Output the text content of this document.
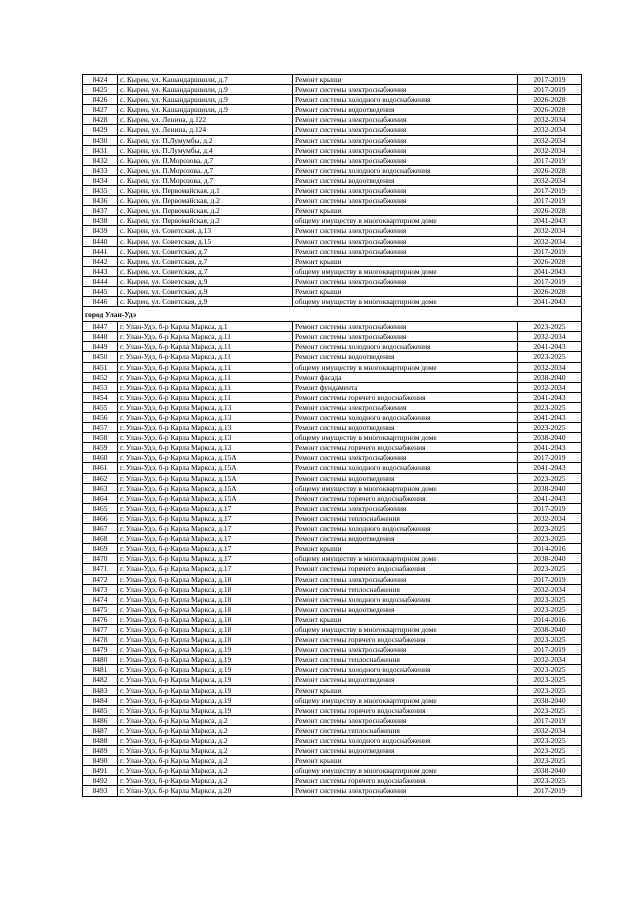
8424	с. Кырен, ул. Кашандаршвили, д.7	Ремонт крыши	2017-2019
8425	с. Кырен, ул. Кашандаршвили, д.9	Ремонт системы электроснабжения	2017-2019
8426	с. Кырен, ул. Кашандаршвили, д.9	Ремонт системы холодного водоснабжения	2026-2028
8427	с. Кырен, ул. Кашандаршвили, д.9	Ремонт системы водоотведения	2026-2028
8428	с. Кырен, ул. Ленина, д.122	Ремонт системы электроснабжения	2032-2034
8429	с. Кырен, ул. Ленина, д.124	Ремонт системы электроснабжения	2032-2034
8430	с. Кырен, ул. П.Лумумбы, д.2	Ремонт системы электроснабжения	2032-2034
8431	с. Кырен, ул. П.Лумумбы, д.4	Ремонт системы электроснабжения	2032-2034
8432	с. Кырен, ул. П.Морозова, д.7	Ремонт системы электроснабжения	2017-2019
8433	с. Кырен, ул. П.Морозова, д.7	Ремонт системы холодного водоснабжения	2026-2028
8434	с. Кырен, ул. П.Морозова, д.7	Ремонт системы водоотведения	2032-2034
8435	с. Кырен, ул. Первомайская, д.1	Ремонт системы электроснабжения	2017-2019
8436	с. Кырен, ул. Первомайская, д.2	Ремонт системы электроснабжения	2017-2019
8437	с. Кырен, ул. Первомайская, д.2	Ремонт крыши	2026-2028
8438	с. Кырен, ул. Первомайская, д.2	общему имуществу в многоквартирном доме	2041-2043
8439	с. Кырен, ул. Советская, д.13	Ремонт системы электроснабжения	2032-2034
8440	с. Кырен, ул. Советская, д.15	Ремонт системы электроснабжения	2032-2034
8441	с. Кырен, ул. Советская, д.7	Ремонт системы электроснабжения	2017-2019
8442	с. Кырен, ул. Советская, д.7	Ремонт крыши	2026-2028
8443	с. Кырен, ул. Советская, д.7	общему имуществу в многоквартирном доме	2041-2043
8444	с. Кырен, ул. Советская, д.9	Ремонт системы электроснабжения	2017-2019
8445	с. Кырен, ул. Советская, д.9	Ремонт крыши	2026-2028
8446	с. Кырен, ул. Советская, д.9	общему имуществу в многоквартирном доме	2041-2043
город Улан-Удэ			
8447	г. Улан-Удэ, б-р Карла Маркса, д.1	Ремонт системы электроснабжения	2023-2025
8448	г. Улан-Удэ, б-р Карла Маркса, д.11	Ремонт системы электроснабжения	2032-2034
8449	г. Улан-Удэ, б-р Карла Маркса, д.11	Ремонт системы холодного водоснабжения	2041-2043
8450	г. Улан-Удэ, б-р Карла Маркса, д.11	Ремонт системы водоотведения	2023-2025
8451	г. Улан-Удэ, б-р Карла Маркса, д.11	общему имуществу в многоквартирном доме	2032-2034
8452	г. Улан-Удэ, б-р Карла Маркса, д.11	Ремонт фасада	2038-2040
8453	г. Улан-Удэ, б-р Карла Маркса, д.11	Ремонт фундамента	2032-2034
8454	г. Улан-Удэ, б-р Карла Маркса, д.11	Ремонт системы горячего водоснабжения	2041-2043
8455	г. Улан-Удэ, б-р Карла Маркса, д.13	Ремонт системы электроснабжения	2023-2025
8456	г. Улан-Удэ, б-р Карла Маркса, д.13	Ремонт системы холодного водоснабжения	2041-2043
8457	г. Улан-Удэ, б-р Карла Маркса, д.13	Ремонт системы водоотведения	2023-2025
8458	г. Улан-Удэ, б-р Карла Маркса, д.13	общему имуществу в многоквартирном доме	2038-2040
8459	г. Улан-Удэ, б-р Карла Маркса, д.13	Ремонт системы горячего водоснабжения	2041-2043
8460	г. Улан-Удэ, б-р Карла Маркса, д.15А	Ремонт системы электроснабжения	2017-2019
8461	г. Улан-Удэ, б-р Карла Маркса, д.15А	Ремонт системы холодного водоснабжения	2041-2043
8462	г. Улан-Удэ, б-р Карла Маркса, д.15А	Ремонт системы водоотведения	2023-2025
8463	г. Улан-Удэ, б-р Карла Маркса, д.15А	общему имуществу в многоквартирном доме	2038-2040
8464	г. Улан-Удэ, б-р Карла Маркса, д.15А	Ремонт системы горячего водоснабжения	2041-2043
8465	г. Улан-Удэ, б-р Карла Маркса, д.17	Ремонт системы электроснабжения	2017-2019
8466	г. Улан-Удэ, б-р Карла Маркса, д.17	Ремонт системы теплоснабжения	2032-2034
8467	г. Улан-Удэ, б-р Карла Маркса, д.17	Ремонт системы холодного водоснабжения	2023-2025
8468	г. Улан-Удэ, б-р Карла Маркса, д.17	Ремонт системы водоотведения	2023-2025
8469	г. Улан-Удэ, б-р Карла Маркса, д.17	Ремонт крыши	2014-2016
8470	г. Улан-Удэ, б-р Карла Маркса, д.17	общему имуществу в многоквартирном доме	2038-2040
8471	г. Улан-Удэ, б-р Карла Маркса, д.17	Ремонт системы горячего водоснабжения	2023-2025
8472	г. Улан-Удэ, б-р Карла Маркса, д.18	Ремонт системы электроснабжения	2017-2019
8473	г. Улан-Удэ, б-р Карла Маркса, д.18	Ремонт системы теплоснабжения	2032-2034
8474	г. Улан-Удэ, б-р Карла Маркса, д.18	Ремонт системы холодного водоснабжения	2023-2025
8475	г. Улан-Удэ, б-р Карла Маркса, д.18	Ремонт системы водоотведения	2023-2025
8476	г. Улан-Удэ, б-р Карла Маркса, д.18	Ремонт крыши	2014-2016
8477	г. Улан-Удэ, б-р Карла Маркса, д.18	общему имуществу в многоквартирном доме	2038-2040
8478	г. Улан-Удэ, б-р Карла Маркса, д.18	Ремонт системы горячего водоснабжения	2023-2025
8479	г. Улан-Удэ, б-р Карла Маркса, д.19	Ремонт системы электроснабжения	2017-2019
8480	г. Улан-Удэ, б-р Карла Маркса, д.19	Ремонт системы теплоснабжения	2032-2034
8481	г. Улан-Удэ, б-р Карла Маркса, д.19	Ремонт системы холодного водоснабжения	2023-2025
8482	г. Улан-Удэ, б-р Карла Маркса, д.19	Ремонт системы водоотведения	2023-2025
8483	г. Улан-Удэ, б-р Карла Маркса, д.19	Ремонт крыши	2023-2025
8484	г. Улан-Удэ, б-р Карла Маркса, д.19	общему имуществу в многоквартирном доме	2038-2040
8485	г. Улан-Удэ, б-р Карла Маркса, д.19	Ремонт системы горячего водоснабжения	2023-2025
8486	г. Улан-Удэ, б-р Карла Маркса, д.2	Ремонт системы электроснабжения	2017-2019
8487	г. Улан-Удэ, б-р Карла Маркса, д.2	Ремонт системы теплоснабжения	2032-2034
8488	г. Улан-Удэ, б-р Карла Маркса, д.2	Ремонт системы холодного водоснабжения	2023-2025
8489	г. Улан-Удэ, б-р Карла Маркса, д.2	Ремонт системы водоотведения	2023-2025
8490	г. Улан-Удэ, б-р Карла Маркса, д.2	Ремонт крыши	2023-2025
8491	г. Улан-Удэ, б-р Карла Маркса, д.2	общему имуществу в многоквартирном доме	2038-2040
8492	г. Улан-Удэ, б-р Карла Маркса, д.2	Ремонт системы горячего водоснабжения	2023-2025
8493	г. Улан-Удэ, б-р Карла Маркса, д.20	Ремонт системы электроснабжения	2017-2019
